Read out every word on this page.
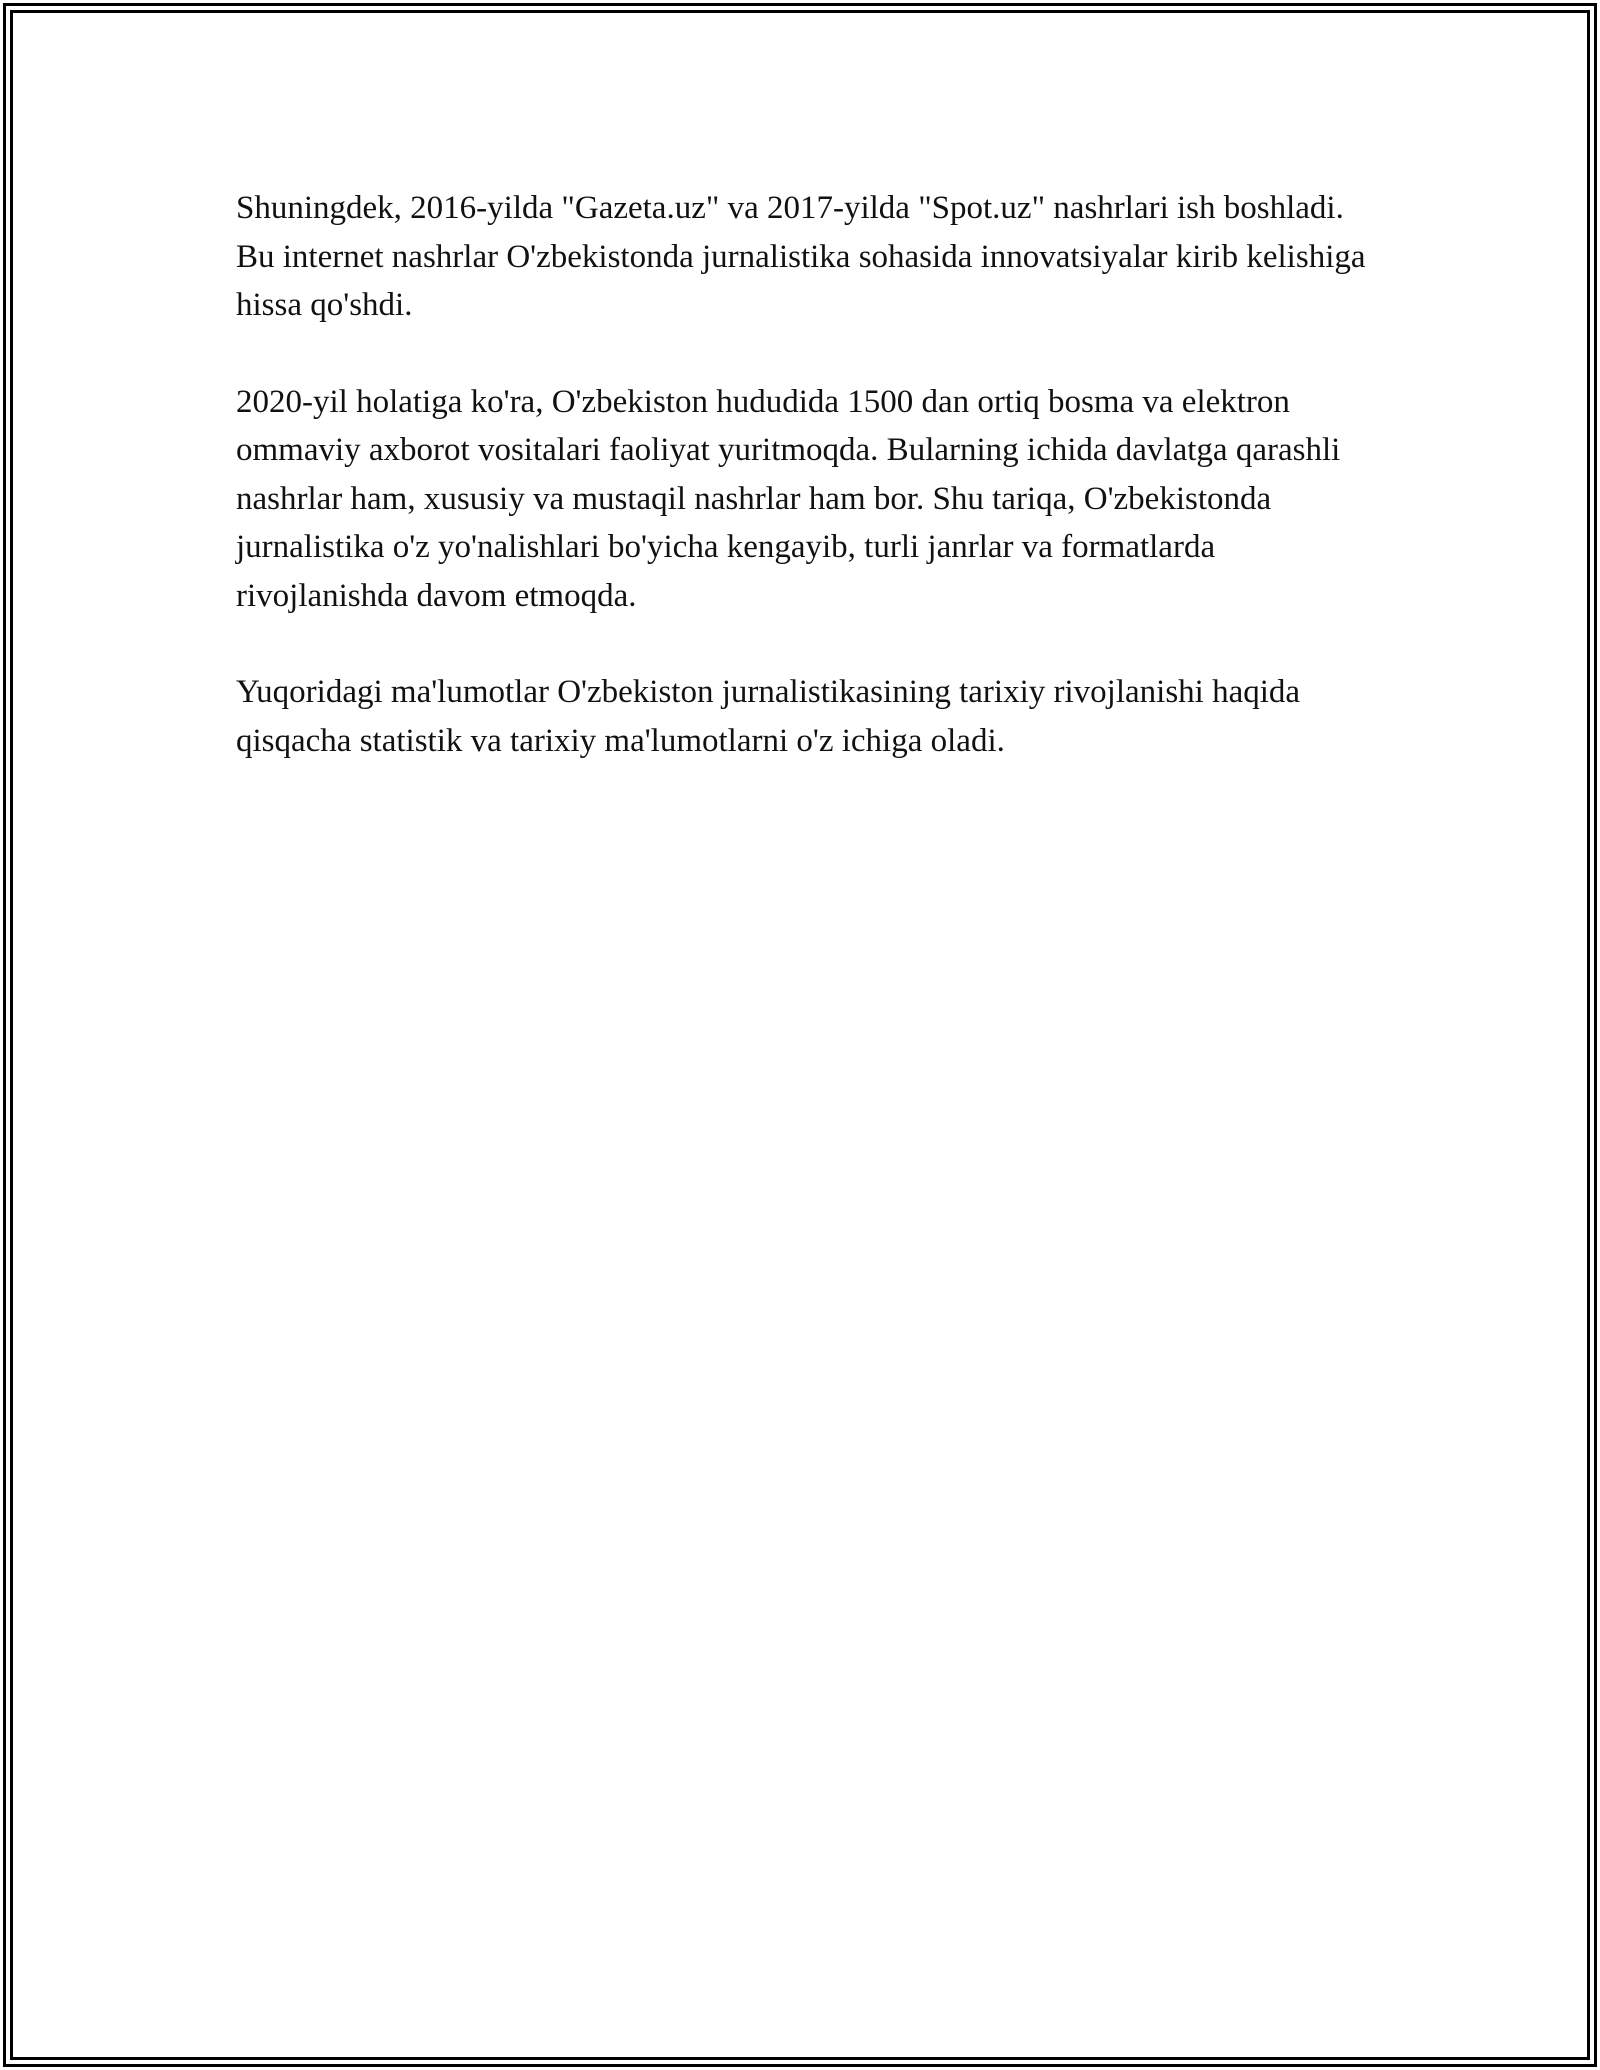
Shuningdek, 2016-yilda "Gazeta.uz" va 2017-yilda "Spot.uz" nashrlari ish boshladi. Bu internet nashrlar O'zbekistonda jurnalistika sohasida innovatsiyalar kirib kelishiga hissa qo'shdi.

2020-yil holatiga ko'ra, O'zbekiston hududida 1500 dan ortiq bosma va elektron ommaviy axborot vositalari faoliyat yuritmoqda. Bularning ichida davlatga qarashli nashrlar ham, xususiy va mustaqil nashrlar ham bor. Shu tariqa, O'zbekistonda jurnalistika o'z yo'nalishlari bo'yicha kengayib, turli janrlar va formatlarda rivojlanishda davom etmoqda.

Yuqoridagi ma'lumotlar O'zbekiston jurnalistikasining tarixiy rivojlanishi haqida qisqacha statistik va tarixiy ma'lumotlarni o'z ichiga oladi.
